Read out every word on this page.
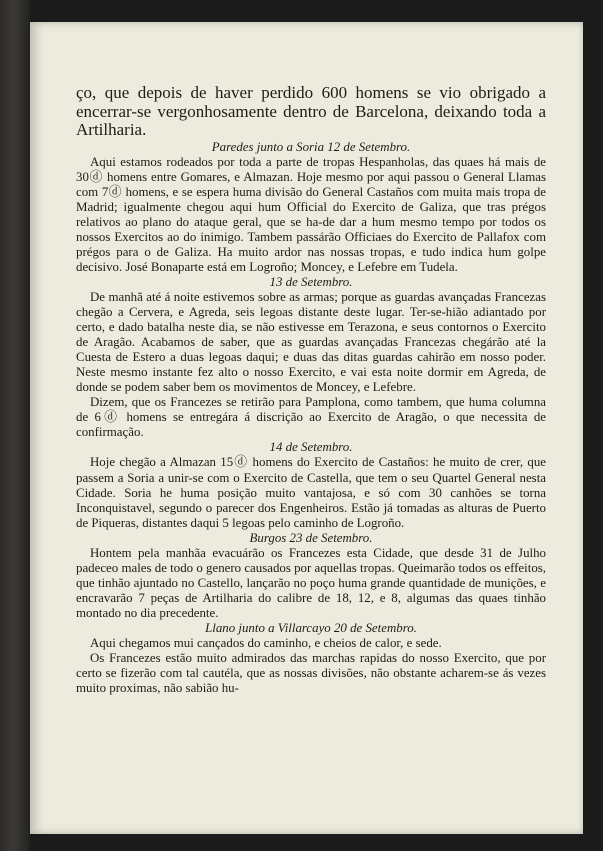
ço, que depois de haver perdido 600 homens se vio obrigado a encerrar-se vergonhosamente dentro de Barcelona, deixando toda a Artilharia.

Paredes junto a Soria 12 de Setembro.

Aqui estamos rodeados por toda a parte de tropas Hespanholas, das quaes há mais de 30ⓓ homens entre Gomares, e Almazan. Hoje mesmo por aqui passou o General Llamas com 7ⓓ homens, e se espera huma divisão do General Castaños com muita mais tropa de Madrid; igualmente chegou aqui hum Official do Exercito de Galiza, que tras prégos relativos ao plano do ataque geral, que se ha-de dar a hum mesmo tempo por todos os nossos Exercitos ao do inimigo. Tambem passárão Officiaes do Exercito de Pallafox com prégos para o de Galiza. Ha muito ardor nas nossas tropas, e tudo indica hum golpe decisivo. José Bonaparte está em Logroño; Moncey, e Lefebre em Tudela.

13 de Setembro.

De manhã até á noite estivemos sobre as armas; porque as guardas avançadas Francezas chegão a Cervera, e Agreda, seis legoas distante deste lugar. Ter-se-hião adiantado por certo, e dado batalha neste dia, se não estivesse em Terazona, e seus contornos o Exercito de Aragão. Acabamos de saber, que as guardas avançadas Francezas chegárão até la Cuesta de Estero a duas legoas daqui; e duas das ditas guardas cahirão em nosso poder. Neste mesmo instante fez alto o nosso Exercito, e vai esta noite dormir em Agreda, de donde se podem saber bem os movimentos de Moncey, e Lefebre.

Dizem, que os Francezes se retirão para Pamplona, como tambem, que huma columna de 6ⓓ homens se entregára á discrição ao Exercito de Aragão, o que necessita de confirmação.

14 de Setembro.

Hoje chegão a Almazan 15ⓓ homens do Exercito de Castaños: he muito de crer, que passem a Soria a unir-se com o Exercito de Castella, que tem o seu Quartel General nesta Cidade. Soria he huma posição muito vantajosa, e só com 30 canhões se torna Inconquistavel, segundo o parecer dos Engenheiros. Estão já tomadas as alturas de Puerto de Piqueras, distantes daqui 5 legoas pelo caminho de Logroño.

Burgos 23 de Setembro.

Hontem pela manhãa evacuárão os Francezes esta Cidade, que desde 31 de Julho padeceo males de todo o genero causados por aquellas tropas. Queimarão todos os effeitos, que tinhão ajuntado no Castello, lançarão no poço huma grande quantidade de munições, e encravarão 7 peças de Artilharia do calibre de 18, 12, e 8, algumas das quaes tinhão montado no dia precedente.

Llano junto a Villarcayo 20 de Setembro.

Aqui chegamos mui cançados do caminho, e cheios de calor, e sede.

Os Francezes estão muito admirados das marchas rapidas do nosso Exercito, que por certo se fizerão com tal cautéla, que as nossas divisões, não obstante acharem-se ás vezes muito proximas, não sabião hu-
